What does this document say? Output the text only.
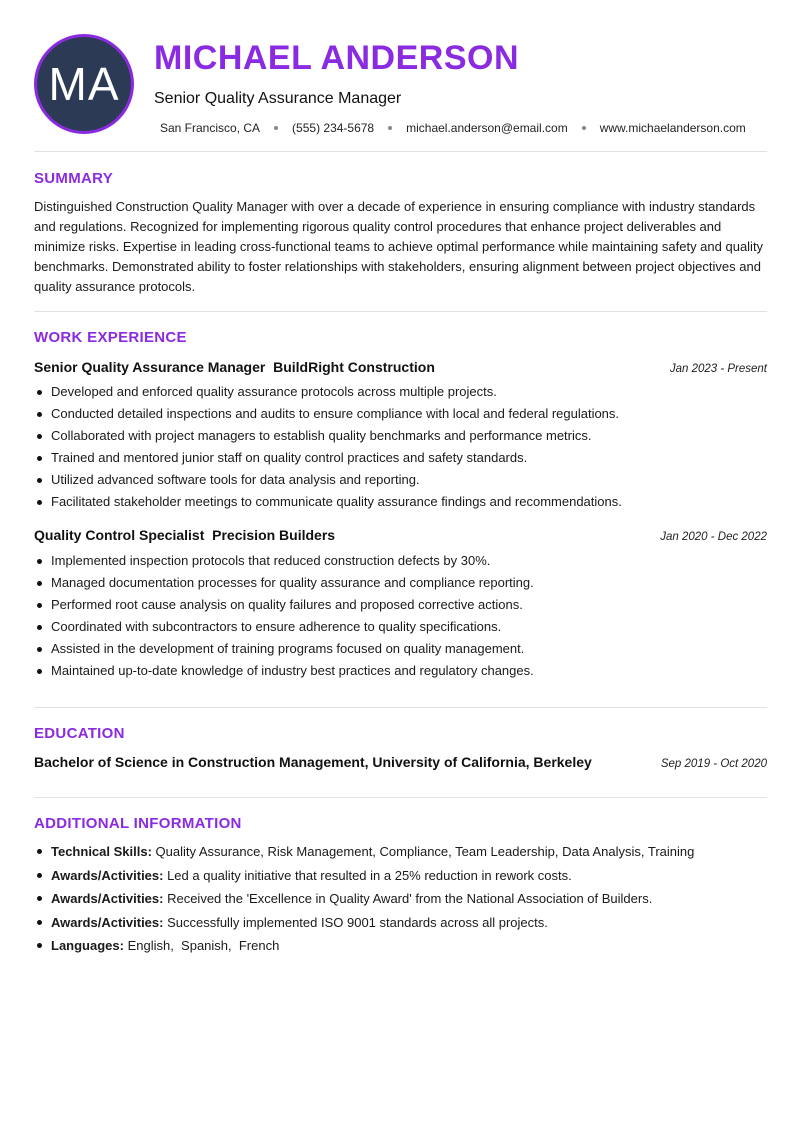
MA MICHAEL ANDERSON
Senior Quality Assurance Manager
San Francisco, CA	(555) 234-5678	michael.anderson@email.com	www.michaelanderson.com
SUMMARY

Distinguished Construction Quality Manager with over a decade of experience in ensuring compliance with industry standards and regulations. Recognized for implementing rigorous quality control procedures that enhance project deliverables and minimize risks. Expertise in leading cross-functional teams to achieve optimal performance while maintaining safety and quality benchmarks. Demonstrated ability to foster relationships with stakeholders, ensuring alignment between project objectives and quality assurance protocols.

WORK EXPERIENCE
Senior Quality Assurance Manager  BuildRight Construction	Jan 2023 - Present
Developed and enforced quality assurance protocols across multiple projects.
Conducted detailed inspections and audits to ensure compliance with local and federal regulations.
Collaborated with project managers to establish quality benchmarks and performance metrics.
Trained and mentored junior staff on quality control practices and safety standards.
Utilized advanced software tools for data analysis and reporting.
Facilitated stakeholder meetings to communicate quality assurance findings and recommendations.
Quality Control Specialist  Precision Builders	Jan 2020 - Dec 2022
Implemented inspection protocols that reduced construction defects by 30%.
Managed documentation processes for quality assurance and compliance reporting.
Performed root cause analysis on quality failures and proposed corrective actions.
Coordinated with subcontractors to ensure adherence to quality specifications.
Assisted in the development of training programs focused on quality management.
Maintained up-to-date knowledge of industry best practices and regulatory changes.
EDUCATION
Bachelor of Science in Construction Management, University of California, Berkeley	Sep 2019 - Oct 2020
ADDITIONAL INFORMATION
Technical Skills: Quality Assurance, Risk Management, Compliance, Team Leadership, Data Analysis, Training
Awards/Activities: Led a quality initiative that resulted in a 25% reduction in rework costs.
Awards/Activities: Received the 'Excellence in Quality Award' from the National Association of Builders.
Awards/Activities: Successfully implemented ISO 9001 standards across all projects.
Languages: English,  Spanish,  French
